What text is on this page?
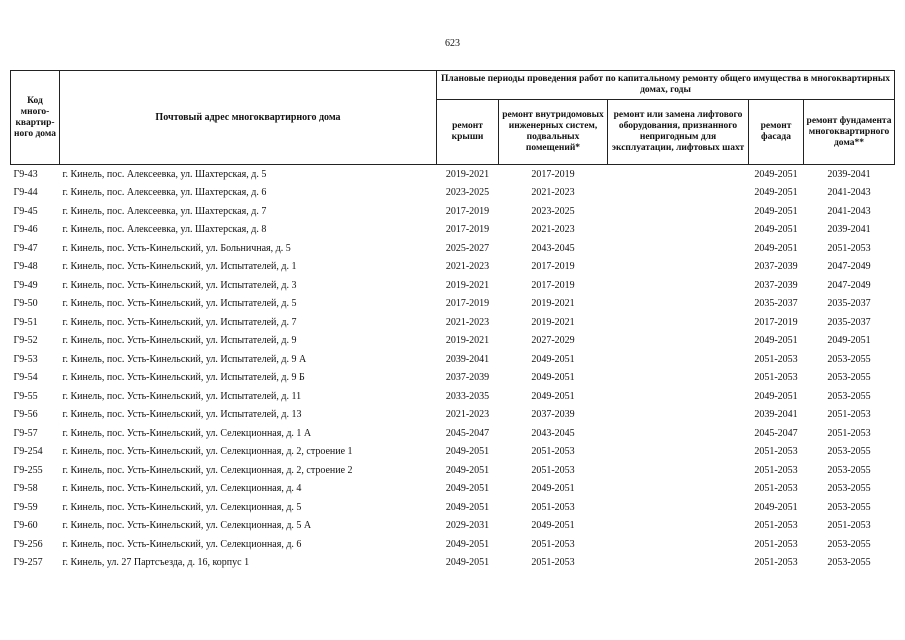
623
Код много-квартир-ного дома	Почтовый адрес многоквартирного дома	Плановые периоды проведения работ по капитальному ремонту общего имущества в многоквартирных домах, годы				
		ремонт крыши	ремонт внутридомовых инженерных систем, подвальных помещений*	ремонт или замена лифтового оборудования, признанного непригодным для эксплуатации, лифтовых шахт	ремонт фасада	ремонт фундамента многоквартирного дома**
Г9-43	г. Кинель, пос. Алексеевка, ул. Шахтерская, д. 5	2019-2021	2017-2019		2049-2051	2039-2041
Г9-44	г. Кинель, пос. Алексеевка, ул. Шахтерская, д. 6	2023-2025	2021-2023		2049-2051	2041-2043
Г9-45	г. Кинель, пос. Алексеевка, ул. Шахтерская, д. 7	2017-2019	2023-2025		2049-2051	2041-2043
Г9-46	г. Кинель, пос. Алексеевка, ул. Шахтерская, д. 8	2017-2019	2021-2023		2049-2051	2039-2041
Г9-47	г. Кинель, пос. Усть-Кинельский, ул. Больничная, д. 5	2025-2027	2043-2045		2049-2051	2051-2053
Г9-48	г. Кинель, пос. Усть-Кинельский, ул. Испытателей, д. 1	2021-2023	2017-2019		2037-2039	2047-2049
Г9-49	г. Кинель, пос. Усть-Кинельский, ул. Испытателей, д. 3	2019-2021	2017-2019		2037-2039	2047-2049
Г9-50	г. Кинель, пос. Усть-Кинельский, ул. Испытателей, д. 5	2017-2019	2019-2021		2035-2037	2035-2037
Г9-51	г. Кинель, пос. Усть-Кинельский, ул. Испытателей, д. 7	2021-2023	2019-2021		2017-2019	2035-2037
Г9-52	г. Кинель, пос. Усть-Кинельский, ул. Испытателей, д. 9	2019-2021	2027-2029		2049-2051	2049-2051
Г9-53	г. Кинель, пос. Усть-Кинельский, ул. Испытателей, д. 9 А	2039-2041	2049-2051		2051-2053	2053-2055
Г9-54	г. Кинель, пос. Усть-Кинельский, ул. Испытателей, д. 9 Б	2037-2039	2049-2051		2051-2053	2053-2055
Г9-55	г. Кинель, пос. Усть-Кинельский, ул. Испытателей, д. 11	2033-2035	2049-2051		2049-2051	2053-2055
Г9-56	г. Кинель, пос. Усть-Кинельский, ул. Испытателей, д. 13	2021-2023	2037-2039		2039-2041	2051-2053
Г9-57	г. Кинель, пос. Усть-Кинельский, ул. Селекционная, д. 1 А	2045-2047	2043-2045		2045-2047	2051-2053
Г9-254	г. Кинель, пос. Усть-Кинельский, ул. Селекционная, д. 2, строение 1	2049-2051	2051-2053		2051-2053	2053-2055
Г9-255	г. Кинель, пос. Усть-Кинельский, ул. Селекционная, д. 2, строение 2	2049-2051	2051-2053		2051-2053	2053-2055
Г9-58	г. Кинель, пос. Усть-Кинельский, ул. Селекционная, д. 4	2049-2051	2049-2051		2051-2053	2053-2055
Г9-59	г. Кинель, пос. Усть-Кинельский, ул. Селекционная, д. 5	2049-2051	2051-2053		2049-2051	2053-2055
Г9-60	г. Кинель, пос. Усть-Кинельский, ул. Селекционная, д. 5 А	2029-2031	2049-2051		2051-2053	2051-2053
Г9-256	г. Кинель, пос. Усть-Кинельский, ул. Селекционная, д. 6	2049-2051	2051-2053		2051-2053	2053-2055
Г9-257	г. Кинель, ул. 27 Партсъезда, д. 16, корпус 1	2049-2051	2051-2053		2051-2053	2053-2055
